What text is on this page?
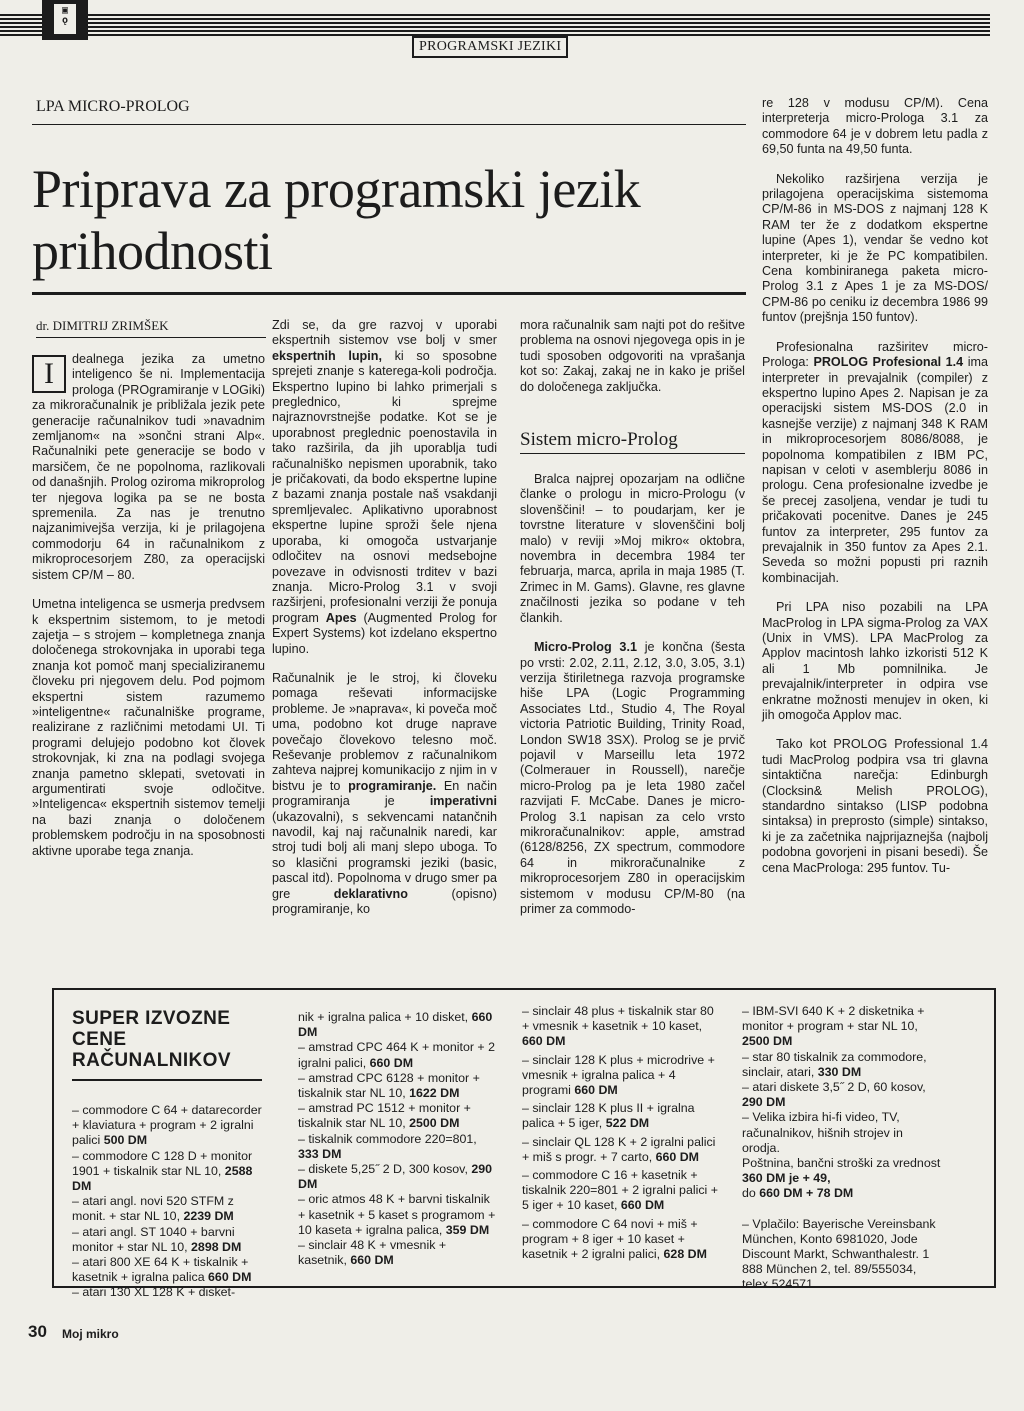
▣
ǫ
PROGRAMSKI JEZIKI
LPA MICRO-PROLOG
Priprava za programski jezik prihodnosti
dr. DIMITRIJ ZRIMŠEK

I	dealnega jezika za umetno inteligenco še ni. Implementacija prologa (PROgramiranje v LOGiki) za mikroračunalnik je približala jezik pete generacije računalnikov tudi »navadnim zemljanom« na »sončni strani Alp«. Računalniki pete generacije se bodo v marsičem, če ne popolnoma, razlikovali od današnjih. Prolog oziroma mikroprolog ter njegova logika pa se ne bosta spremenila. Za nas je trenutno najzanimivejša verzija, ki je prilagojena commodorju 64 in računalnikom z mikroprocesorjem Z80, za operacijski sistem CP/M – 80.

Umetna inteligenca se usmerja predvsem k ekspertnim sistemom, to je metodi zajetja – s strojem – kompletnega znanja določenega strokovnjaka in uporabi tega znanja kot pomoč manj specializiranemu človeku pri njegovem delu. Pod pojmom ekspertni sistem razumemo »inteligentne« računalniške programe, realizirane z različnimi metodami UI. Ti programi delujejo podobno kot človek strokovnjak, ki zna na podlagi svojega znanja pametno sklepati, svetovati in argumentirati svoje odločitve. »Inteligenca« ekspertnih sistemov temelji na bazi znanja o določenem problemskem področju in na sposobnosti aktivne uporabe tega znanja.

Zdi se, da gre razvoj v uporabi ekspertnih sistemov vse bolj v smer ekspertnih lupin, ki so sposobne sprejeti znanje s katerega-koli področja. Ekspertno lupino bi lahko primerjali s preglednico, ki sprejme najraznovrstnejše podatke. Kot se je uporabnost preglednic poenostavila in tako razširila, da jih uporablja tudi računalniško nepismen uporabnik, tako je pričakovati, da bodo ekspertne lupine z bazami znanja postale naš vsakdanji spremljevalec. Aplikativno uporabnost ekspertne lupine sproži šele njena uporaba, ki omogoča ustvarjanje odločitev na osnovi medsebojne povezave in odvisnosti trditev v bazi znanja. Micro-Prolog 3.1 v svoji razširjeni, profesionalni verziji že ponuja program Apes (Augmented Prolog for Expert Systems) kot izdelano ekspertno lupino.

Računalnik je le stroj, ki človeku pomaga reševati informacijske probleme. Je »naprava«, ki poveča moč uma, podobno kot druge naprave povečajo človekovo telesno moč. Reševanje problemov z računalnikom zahteva najprej komunikacijo z njim in v bistvu je to programiranje. En način programiranja je imperativni (ukazovalni), s sekvencami natančnih navodil, kaj naj računalnik naredi, kar stroj tudi bolj ali manj slepo uboga. To so klasični programski jeziki (basic, pascal itd). Popolnoma v drugo smer pa gre deklarativno (opisno) programiranje, ko

mora računalnik sam najti pot do rešitve problema na osnovi njegovega opis in je tudi sposoben odgovoriti na vprašanja kot so: Zakaj, zakaj ne in kako je prišel do določenega zaključka.

Sistem micro-Prolog

Bralca najprej opozarjam na odlične članke o prologu in micro-Prologu (v slovenščini! – to poudarjam, ker je tovrstne literature v slovenščini bolj malo) v reviji »Moj mikro« oktobra, novembra in decembra 1984 ter februarja, marca, aprila in maja 1985 (T. Zrimec in M. Gams). Glavne, res glavne značilnosti jezika so podane v teh člankih.

Micro-Prolog 3.1 je končna (šesta po vrsti: 2.02, 2.11, 2.12, 3.0, 3.05, 3.1) verzija štiriletnega razvoja programske hiše LPA (Logic Programming Associates Ltd., Studio 4, The Royal victoria Patriotic Building, Trinity Road, London SW18 3SX). Prolog se je prvič pojavil v Marseillu leta 1972 (Colmerauer in Roussell), narečje micro-Prolog pa je leta 1980 začel razvijati F. McCabe. Danes je micro-Prolog 3.1 napisan za celo vrsto mikroračunalnikov: apple, amstrad (6128/8256, ZX spectrum, commodore 64 in mikroračunalnike z mikroprocesorjem Z80 in operacijskim sistemom v modusu CP/M-80 (na primer za commodo-

re 128 v modusu CP/M). Cena interpreterja micro-Prologa 3.1 za commodore 64 je v dobrem letu padla z 69,50 funta na 49,50 funta.

Nekoliko razširjena verzija je prilagojena operacijskima sistemoma CP/M-86 in MS-DOS z najmanj 128 K RAM ter že z dodatkom ekspertne lupine (Apes 1), vendar še vedno kot interpreter, ki je že PC kompatibilen. Cena kombiniranega paketa micro-Prolog 3.1 z Apes 1 je za MS-DOS/ CPM-86 po ceniku iz decembra 1986 99 funtov (prejšnja 150 funtov).

Profesionalna razširitev micro-Prologa: PROLOG Profesional 1.4 ima interpreter in prevajalnik (compiler) z ekspertno lupino Apes 2. Napisan je za operacijski sistem MS-DOS (2.0 in kasnejše verzije) z najmanj 348 K RAM in mikroprocesorjem 8086/8088, je popolnoma kompatibilen z IBM PC, napisan v celoti v asemblerju 8086 in prologu. Cena profesionalne izvedbe je še precej zasoljena, vendar je tudi tu pričakovati pocenitve. Danes je 245 funtov za interpreter, 295 funtov za prevajalnik in 350 funtov za Apes 2.1. Seveda so možni popusti pri raznih kombinacijah.

Pri LPA niso pozabili na LPA MacProlog in LPA sigma-Prolog za VAX (Unix in VMS). LPA MacProlog za Applov macintosh lahko izkoristi 512 K ali 1 Mb pomnilnika. Je prevajalnik/interpreter in odpira vse enkratne možnosti menujev in oken, ki jih omogoča Applov mac.

Tako kot PROLOG Professional 1.4 tudi MacProlog podpira vsa tri glavna sintaktična narečja: Edinburgh (Clocksin& Melish PROLOG), standardno sintakso (LISP podobna sintaksa) in preprosto (simple) sintakso, ki je za začetnika najprijaznejša (najbolj podobna govorjeni in pisani besedi). Še cena MacProloga: 295 funtov. Tu-

SUPER IZVOZNE CENE RAČUNALNIKOV
– commodore C 64 + datarecorder + klaviatura + program + 2 igralni palici 500 DM
– commodore C 128 D + monitor 1901 + tiskalnik star NL 10, 2588 DM
– atari angl. novi 520 STFM z monit. + star NL 10, 2239 DM
– atari angl. ST 1040 + barvni monitor + star NL 10, 2898 DM
– atari 800 XE 64 K + tiskalnik + kasetnik + igralna palica 660 DM
– atari 130 XL 128 K + disket-
nik + igralna palica + 10 disket, 660 DM
– amstrad CPC 464 K + monitor + 2 igralni palici, 660 DM
– amstrad CPC 6128 + monitor + tiskalnik star NL 10, 1622 DM
– amstrad PC 1512 + monitor + tiskalnik star NL 10, 2500 DM
– tiskalnik commodore 220=801, 333 DM
– diskete 5,25˝ 2 D, 300 kosov, 290 DM
– oric atmos 48 K + barvni tiskalnik + kasetnik + 5 kaset s programom + 10 kaseta + igralna palica, 359 DM
– sinclair 48 K + vmesnik + kasetnik, 660 DM
– sinclair 48 plus + tiskalnik star 80 + vmesnik + kasetnik + 10 kaset, 660 DM
– sinclair 128 K plus + microdrive + vmesnik + igralna palica + 4 programi 660 DM
– sinclair 128 K plus II + igralna palica + 5 iger, 522 DM
– sinclair QL 128 K + 2 igralni palici + miš s progr. + 7 carto, 660 DM
– commodore C 16 + kasetnik + tiskalnik 220=801 + 2 igralni palici + 5 iger + 10 kaset, 660 DM
– commodore C 64 novi + miš + program + 8 iger + 10 kaset + kasetnik + 2 igralni palici, 628 DM
– IBM-SVI 640 K + 2 disketnika + monitor + program + star NL 10, 2500 DM
– star 80 tiskalnik za commodore, sinclair, atari, 330 DM
– atari diskete 3,5˝ 2 D, 60 kosov, 290 DM
– Velika izbira hi-fi video, TV, računalnikov, hišnih strojev in orodja.
Poštnina, bančni stroški za vrednost 360 DM je + 49,
do 660 DM + 78 DM
– Vplačilo: Bayerische Vereinsbank München, Konto 6981020, Jode Discount Markt, Schwanthalestr. 1 888 München 2, tel. 89/555034, telex 524571
30 Moj mikro
